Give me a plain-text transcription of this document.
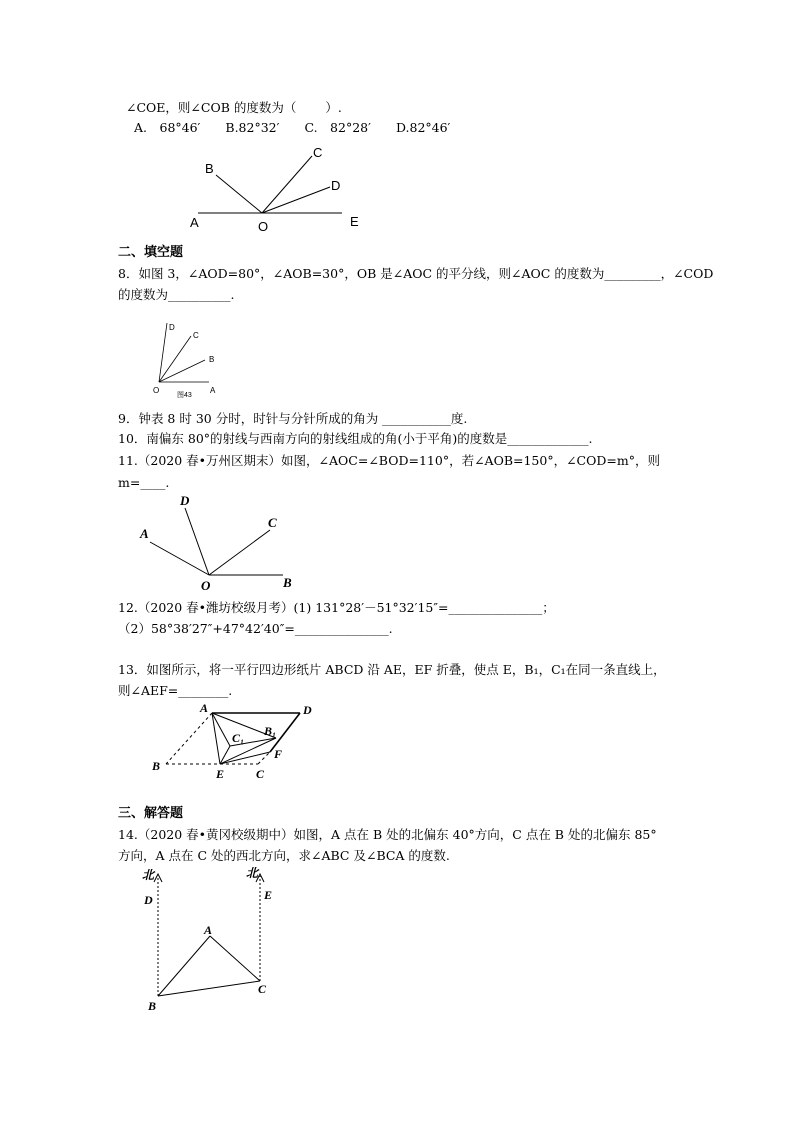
∠COE，则∠COB 的度数为（　　 ）.
A.　68°46′　　B.82°32′　　C.　82°28′　　D.82°46′
A
B
C
D
O	E
二、填空题
8．如图 3，∠AOD=80°，∠AOB=30°，OB 是∠AOC 的平分线，则∠AOC 的度数为_________，∠COD
的度数为__________.
D
C
B
O	A
图43
9．钟表 8 时 30 分时，时针与分针所成的角为 ___________度.
10．南偏东 80°的射线与西南方向的射线组成的角(小于平角)的度数是_____________.
11.（2020 春•万州区期末）如图，∠AOC=∠BOD=110°，若∠AOB=150°，∠COD=m°，则
m=____.
A
D
C
O	B
12.（2020 春•潍坊校级月考）(1) 131°28′－51°32′15″=_______________；
（2）58°38′27″+47°42′40″=_______________.
13．如图所示，将一平行四边形纸片 ABCD 沿 AE，EF 折叠，使点 E，B₁，C₁在同一条直线上，
则∠AEF=________.
A	D
B₁
C₁
F
B
E	C
三、解答题
14.（2020 春•黄冈校级期中）如图，A 点在 B 处的北偏东 40°方向，C 点在 B 处的北偏东 85°
方向，A 点在 C 处的西北方向，求∠ABC 及∠BCA 的度数.
北	北
D	E
A
B
C
